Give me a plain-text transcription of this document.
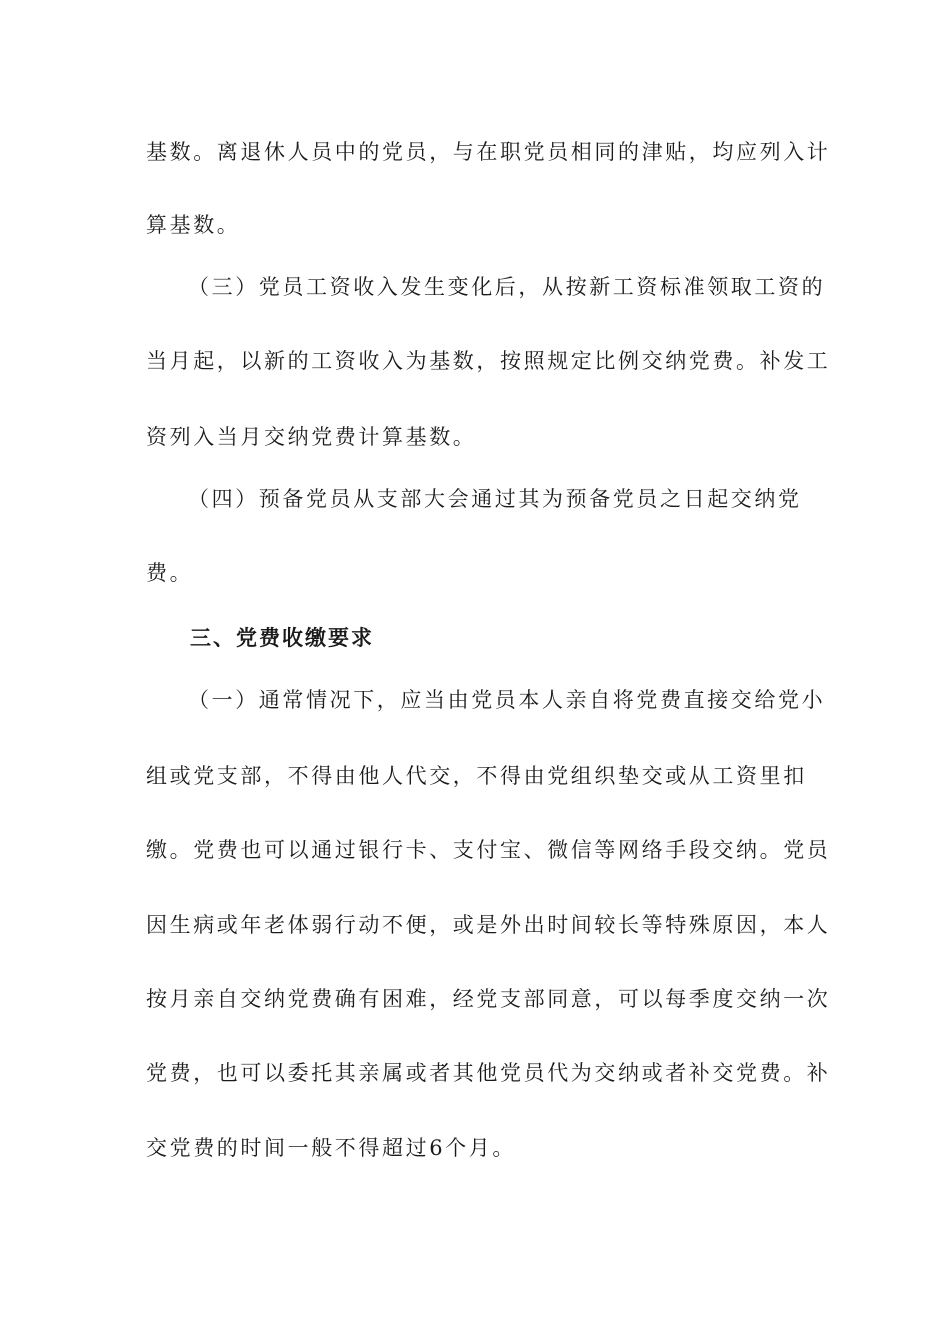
基数。离退休人员中的党员，与在职党员相同的津贴，均应列入计
算基数。
（三）党员工资收入发生变化后，从按新工资标准领取工资的
当月起，以新的工资收入为基数，按照规定比例交纳党费。补发工
资列入当月交纳党费计算基数。
（四）预备党员从支部大会通过其为预备党员之日起交纳党
费。
三、党费收缴要求
（一）通常情况下，应当由党员本人亲自将党费直接交给党小
组或党支部，不得由他人代交，不得由党组织垫交或从工资里扣
缴。党费也可以通过银行卡、支付宝、微信等网络手段交纳。党员
因生病或年老体弱行动不便，或是外出时间较长等特殊原因，本人
按月亲自交纳党费确有困难，经党支部同意，可以每季度交纳一次
党费，也可以委托其亲属或者其他党员代为交纳或者补交党费。补
交党费的时间一般不得超过6个月。
